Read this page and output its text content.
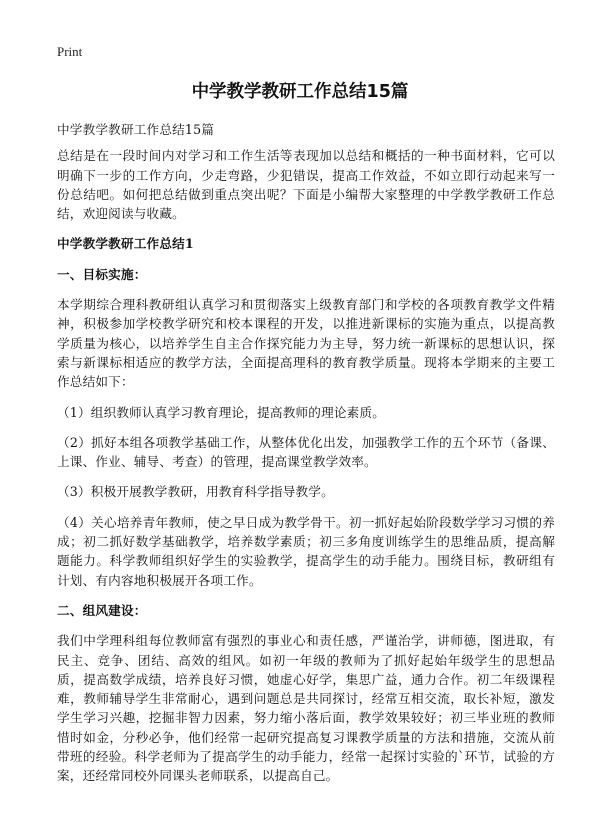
Print
中学教学教研工作总结15篇

中学教学教研工作总结15篇

总结是在一段时间内对学习和工作生活等表现加以总结和概括的一种书面材料，它可以明确下一步的工作方向，少走弯路，少犯错误，提高工作效益，不如立即行动起来写一份总结吧。如何把总结做到重点突出呢？下面是小编帮大家整理的中学教学教研工作总结，欢迎阅读与收藏。

中学教学教研工作总结1
一、目标实施：

本学期综合理科教研组认真学习和贯彻落实上级教育部门和学校的各项教育教学文件精神，积极参加学校教学研究和校本课程的开发，以推进新课标的实施为重点，以提高教学质量为核心，以培养学生自主合作探究能力为主导，努力统一新课标的思想认识，探索与新课标相适应的教学方法，全面提高理科的教育教学质量。现将本学期来的主要工作总结如下：

（1）组织教师认真学习教育理论，提高教师的理论素质。

（2）抓好本组各项教学基础工作，从整体优化出发，加强教学工作的五个环节（备课、上课、作业、辅导、考查）的管理，提高课堂教学效率。

（3）积极开展教学教研，用教育科学指导教学。

（4）关心培养青年教师，使之早日成为教学骨干。初一抓好起始阶段数学学习习惯的养成；初二抓好数学基础教学，培养数学素质；初三多角度训练学生的思维品质，提高解题能力。科学教师组织好学生的实验教学，提高学生的动手能力。围绕目标，教研组有计划、有内容地积极展开各项工作。

二、组风建设：

我们中学理科组每位教师富有强烈的事业心和责任感，严谨治学，讲师德，图进取，有民主、竞争、团结、高效的组风。如初一年级的教师为了抓好起始年级学生的思想品质，提高数学成绩，培养良好习惯，她虚心好学，集思广益，通力合作。初二年级课程难，教师辅导学生非常耐心，遇到问题总是共同探讨，经常互相交流，取长补短，激发学生学习兴趣，挖掘非智力因素，努力缩小落后面，教学效果较好；初三毕业班的教师惜时如金，分秒必争，他们经常一起研究提高复习课教学质量的方法和措施，交流从前带班的经验。科学老师为了提高学生的动手能力，经常一起探讨实验的`环节，试验的方案，还经常同校外同课头老师联系，以提高自己。
